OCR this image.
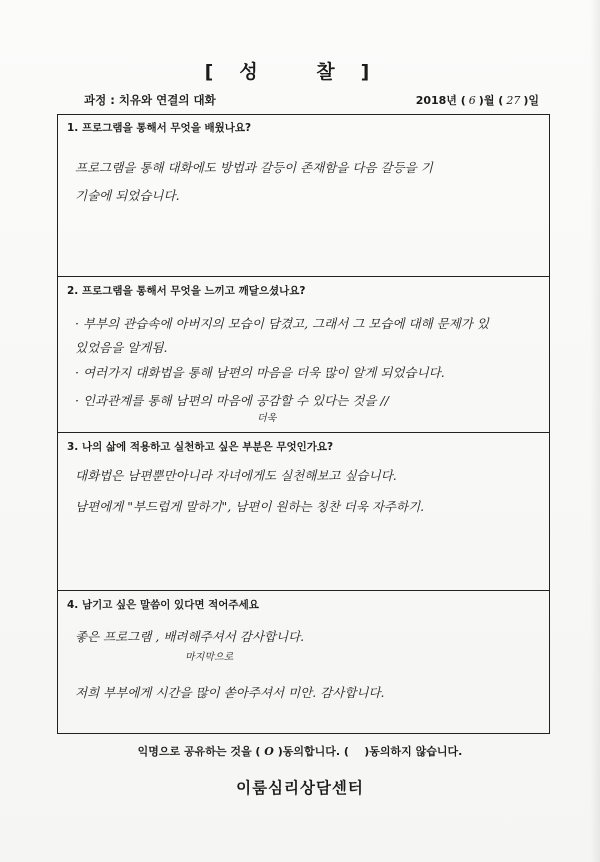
[성 찰]
과정 : 치유와 연결의 대화	2018년 ( 6 )월 ( 27 )일
1. 프로그램을 통해서 무엇을 배웠나요?
프로그램을 통해 대화에도 방법과 갈등이 존재함을 다음 갈등을 기
기술에 되었습니다.
2. 프로그램을 통해서 무엇을 느끼고 깨달으셨나요?
· 부부의 관습속에 아버지의 모습이 담겼고, 그래서 그 모습에 대해 문제가 있
있었음을 알게됨.
· 여러가지 대화법을 통해 남편의 마음을 더욱 많이 알게 되었습니다.
· 인과관계를 통해 남편의 마음에 공감할 수 있다는 것을 //
더욱
3. 나의 삶에 적용하고 실천하고 싶은 부분은 무엇인가요?
대화법은 남편뿐만아니라 자녀에게도 실천해보고 싶습니다.
남편에게 "부드럽게 말하기", 남편이 원하는 칭찬 더욱 자주하기.
4. 남기고 싶은 말씀이 있다면 적어주세요
좋은 프로그램 , 배려해주셔서 감사합니다.
마지막으로
저희 부부에게 시간을 많이 쏟아주셔서 미안. 감사합니다.
익명으로 공유하는 것을 ( O )동의합니다. ( )동의하지 않습니다.
이룸심리상담센터
